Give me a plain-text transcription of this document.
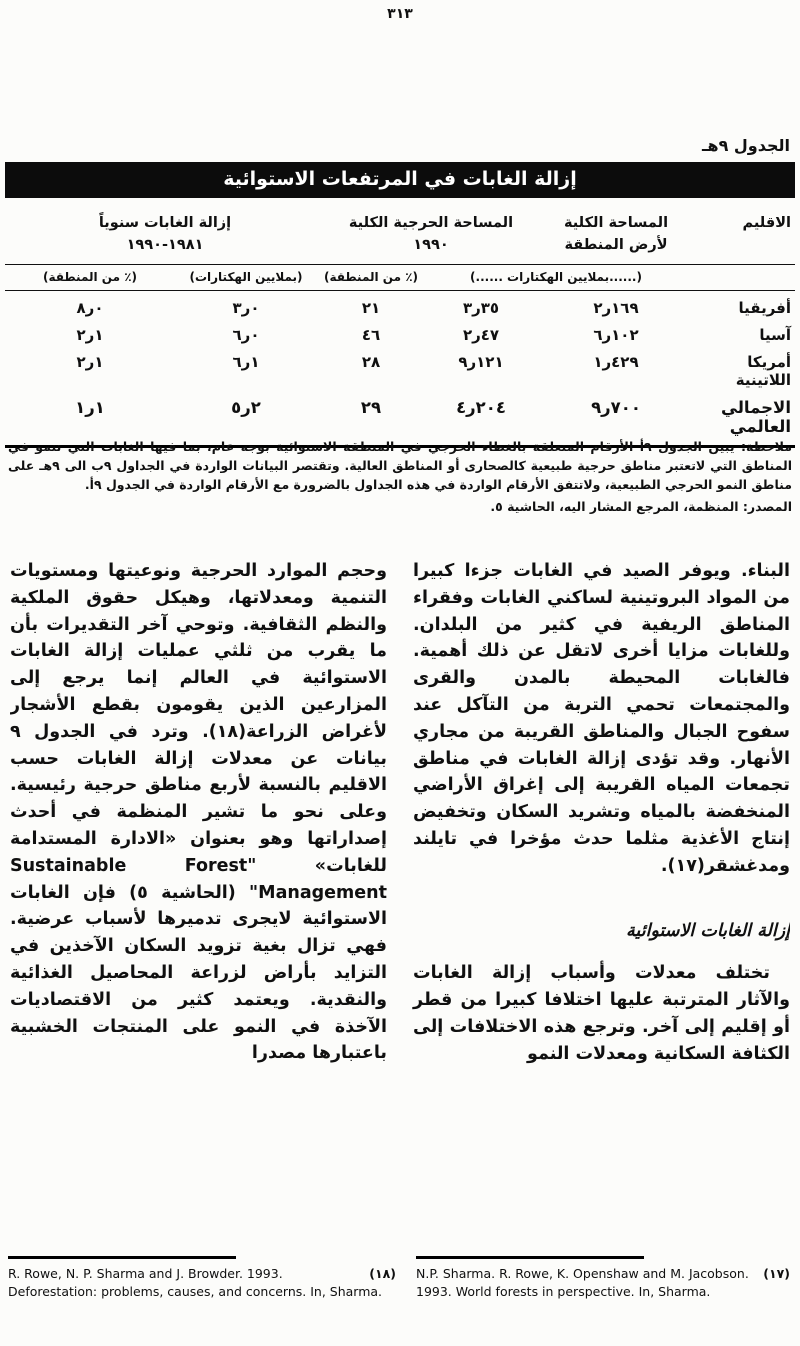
٣١٣
الجدول ٩هـ
إزالة الغابات في المرتفعات الاستوائية
الاقليم
المساحة الكلية
لأرض المنطقة
المساحة الحرجية الكلية
١٩٩٠
إزالة الغابات سنوياً
١٩٨١-١٩٩٠
(......بملايين الهكتارات ......)
(٪ من المنطقة)
(بملايين الهكتارات)
(٪ من المنطقة)
أفريقيا
١٦٩ر٢
٣٥ر٣
٢١
٠ر٣
٠ر٨
آسيا
١٠٢ر٦
٤٧ر٢
٤٦
٠ر٦
١ر٢
أمريكا اللاتينية
٤٢٩ر١
١٢١ر٩
٢٨
١ر٦
١ر٢
الاجمالي العالمي
٧٠٠ر٩
٢٠٤ر٤
٢٩
٢ر٥
١ر١
ملاحظة: يبين الجدول ٩أ الأرقام المتعلقة بالغطاء الحرجي في المنطقة الاستوائية بوجه عام، بما فيها الغابات التي تنمو في المناطق التي لاتعتبر مناطق حرجية طبيعية كالصحارى أو المناطق العالية. وتقتصر البيانات الواردة في الجداول ٩ب الى ٩هـ على مناطق النمو الحرجي الطبيعية، ولاتتفق الأرقام الواردة في هذه الجداول بالضرورة مع الأرقام الواردة في الجدول ٩أ.
المصدر: المنظمة، المرجع المشار اليه، الحاشية ٥.
البناء. ويوفر الصيد في الغابات جزءا كبيرا من المواد البروتينية لساكني الغابات وفقراء المناطق الريفية في كثير من البلدان. وللغابات مزايا أخرى لاتقل عن ذلك أهمية. فالغابات المحيطة بالمدن والقرى والمجتمعات تحمي التربة من التآكل عند سفوح الجبال والمناطق القريبة من مجاري الأنهار. وقد تؤدى إزالة الغابات في مناطق تجمعات المياه القريبة إلى إغراق الأراضي المنخفضة بالمياه وتشريد السكان وتخفيض إنتاج الأغذية مثلما حدث مؤخرا في تايلند ومدغشقر(١٧).
إزالة الغابات الاستوائية
تختلف معدلات وأسباب إزالة الغابات والآثار المترتبة عليها اختلافا كبيرا من قطر أو إقليم إلى آخر. وترجع هذه الاختلافات إلى الكثافة السكانية ومعدلات النمو
وحجم الموارد الحرجية ونوعيتها ومستويات التنمية ومعدلاتها، وهيكل حقوق الملكية والنظم الثقافية. وتوحي آخر التقديرات بأن ما يقرب من ثلثي عمليات إزالة الغابات الاستوائية في العالم إنما يرجع إلى المزارعين الذين يقومون بقطع الأشجار لأغراض الزراعة(١٨). وترد في الجدول ٩ بيانات عن معدلات إزالة الغابات حسب الاقليم بالنسبة لأربع مناطق حرجية رئيسية. وعلى نحو ما تشير المنظمة في أحدث إصداراتها وهو بعنوان «الادارة المستدامة للغابات» "Sustainable Forest Management" (الحاشية ٥) فإن الغابات الاستوائية لايجرى تدميرها لأسباب عرضية. فهي تزال بغية تزويد السكان الآخذين في التزايد بأراض لزراعة المحاصيل الغذائية والنقدية. ويعتمد كثير من الاقتصاديات الآخذة في النمو على المنتجات الخشبية باعتبارها مصدرا
(١٨)
R. Rowe, N. P. Sharma and J. Browder. 1993. Deforestation: problems, causes, and concerns. In, Sharma.
(١٧)
N.P. Sharma. R. Rowe, K. Openshaw and M. Jacobson. 1993. World forests in perspective. In, Sharma.
